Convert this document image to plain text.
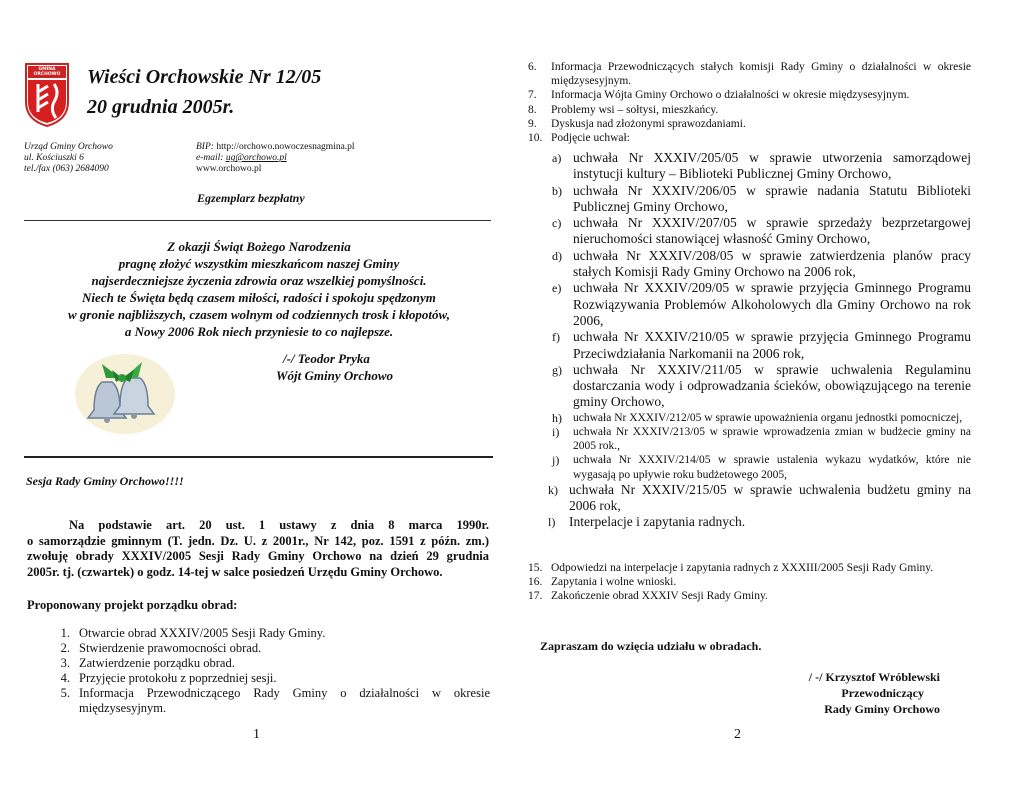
GMINA ORCHOWO Wieści Orchowskie Nr 12/05
20 grudnia 2005r.
Urząd Gminy Orchowo
ul. Kościuszki 6
tel./fax (063) 2684090
BIP: http://orchowo.nowoczesnagmina.pl
e-mail: ug@orchowo.pl
www.orchowo.pl
Egzemplarz bezpłatny
Z okazji Świąt Bożego Narodzenia
pragnę złożyć wszystkim mieszkańcom naszej Gminy
najserdeczniejsze życzenia zdrowia oraz wszelkiej pomyślności.
Niech te Święta będą czasem miłości, radości i spokoju spędzonym
w gronie najbliższych, czasem wolnym od codziennych trosk i kłopotów,
a Nowy 2006 Rok niech przyniesie to co najlepsze.
/-/ Teodor Pryka
Wójt Gminy Orchowo
Sesja Rady Gminy Orchowo!!!!
Na podstawie art. 20 ust. 1 ustawy z dnia 8 marca 1990r.
o samorządzie gminnym (T. jedn. Dz. U. z 2001r., Nr 142, poz. 1591 z późn. zm.)
zwołuję obrady XXXIV/2005 Sesji Rady Gminy Orchowo na dzień 29 grudnia
2005r. tj. (czwartek) o godz. 14-tej w salce posiedzeń Urzędu Gminy Orchowo.
Proponowany projekt porządku obrad:
1. Otwarcie obrad XXXIV/2005 Sesji Rady Gminy.
2. Stwierdzenie prawomocności obrad.
3. Zatwierdzenie porządku obrad.
4. Przyjęcie protokołu z poprzedniej sesji.
5. Informacja Przewodniczącego Rady Gminy o działalności w okresie międzysesyjnym.
1
6.	Informacja Przewodniczących stałych komisji Rady Gminy o działalności w okresie międzysesyjnym.
7.	Informacja Wójta Gminy Orchowo o działalności w okresie międzysesyjnym.
8.	Problemy wsi – sołtysi, mieszkańcy.
9.	Dyskusja nad złożonymi sprawozdaniami.
10. Podjęcie uchwał:
a) uchwała Nr XXXIV/205/05 w sprawie utworzenia samorządowej instytucji kultury – Biblioteki Publicznej Gminy Orchowo,
b) uchwała Nr XXXIV/206/05 w sprawie nadania Statutu Biblioteki Publicznej Gminy Orchowo,
c) uchwała Nr XXXIV/207/05 w sprawie sprzedaży bezprzetargowej nieruchomości stanowiącej własność Gminy Orchowo,
d) uchwała Nr XXXIV/208/05 w sprawie zatwierdzenia planów pracy stałych Komisji Rady Gminy Orchowo na 2006 rok,
e) uchwała Nr XXXIV/209/05 w sprawie przyjęcia Gminnego Programu Rozwiązywania Problemów Alkoholowych dla Gminy Orchowo na rok 2006,
f) uchwała Nr XXXIV/210/05 w sprawie przyjęcia Gminnego Programu Przeciwdziałania Narkomanii na 2006 rok,
g) uchwała Nr XXXIV/211/05 w sprawie uchwalenia Regulaminu dostarczania wody i odprowadzania ścieków, obowiązującego na terenie gminy Orchowo,
h) uchwała Nr XXXIV/212/05 w sprawie upoważnienia organu jednostki pomocniczej,
i)	uchwała Nr XXXIV/213/05 w sprawie wprowadzenia zmian w budżecie gminy na 2005 rok.,
j)	uchwała Nr XXXIV/214/05 w sprawie ustalenia wykazu wydatków, które nie wygasają po upływie roku budżetowego 2005,
k) uchwała Nr XXXIV/215/05 w sprawie uchwalenia budżetu gminy na 2006 rok,
l)	Interpelacje i zapytania radnych.
15. Odpowiedzi na interpelacje i zapytania radnych z XXXIII/2005 Sesji Rady Gminy.
16. Zapytania i wolne wnioski.
17. Zakończenie obrad XXXIV Sesji Rady Gminy.
Zapraszam do wzięcia udziału w obradach.
/ -/ Krzysztof Wróblewski
Przewodniczący
Rady Gminy Orchowo
2
